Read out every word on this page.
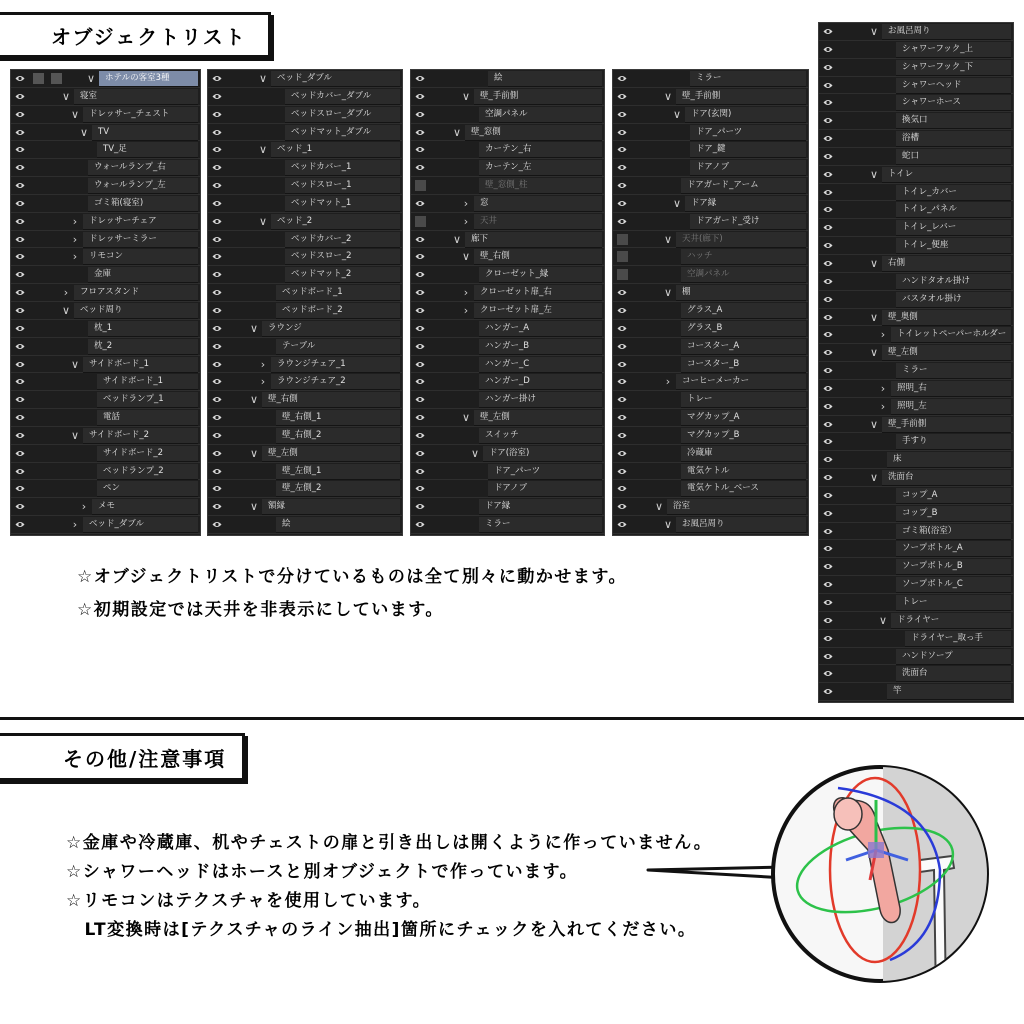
オブジェクトリスト
∨ ホテルの客室3種
∨ 寝室
∨ ドレッサー_チェスト
∨ TV
TV_足
ウォールランプ_右
ウォールランプ_左
ゴミ箱(寝室)
›	ドレッサーチェア
›	ドレッサーミラー
›	リモコン
金庫
›	フロアスタンド
∨ ベッド周り
枕_1
枕_2
∨ サイドボード_1
サイドボード_1
ベッドランプ_1
電話
∨ サイドボード_2
サイドボード_2
ベッドランプ_2
ペン
›	メモ
›	ベッド_ダブル
∨ ベッド_ダブル
ベッドカバー_ダブル
ベッドスロー_ダブル
ベッドマット_ダブル
∨ ベッド_1
ベッドカバー_1
ベッドスロー_1
ベッドマット_1
∨ ベッド_2
ベッドカバー_2
ベッドスロー_2
ベッドマット_2
ベッドボード_1
ベッドボード_2
∨ ラウンジ
テーブル
›	ラウンジチェア_1
›	ラウンジチェア_2
∨ 壁_右側
壁_右側_1
壁_右側_2
∨ 壁_左側
壁_左側_1
壁_左側_2
∨ 額縁
絵
絵
∨ 壁_手前側
空調パネル
∨ 壁_窓側
カーテン_右
カーテン_左
壁_窓側_柱
›	窓
›	天井
∨ 廊下
∨ 壁_右側
クローゼット_縁
›	クローゼット扉_右
›	クローゼット扉_左
ハンガー_A
ハンガー_B
ハンガー_C
ハンガー_D
ハンガー掛け
∨ 壁_左側
スイッチ
∨ ドア(浴室)
ドア_パーツ
ドアノブ
ドア縁
ミラー
ミラー
∨ 壁_手前側
∨ ドア(玄関)
ドア_パーツ
ドア_鍵
ドアノブ
ドアガード_アーム
∨ ドア縁
ドアガード_受け
∨ 天井(廊下)
ハッチ
空調パネル
∨ 棚
グラス_A
グラス_B
コースター_A
コースター_B
›	コーヒーメーカー
トレー
マグカップ_A
マグカップ_B
冷蔵庫
電気ケトル
電気ケトル_ベース
∨ 浴室
∨ お風呂周り
∨ お風呂周り
シャワーフック_上
シャワーフック_下
シャワーヘッド
シャワーホース
換気口
浴槽
蛇口
∨ トイレ
トイレ_カバー
トイレ_パネル
トイレ_レバー
トイレ_便座
∨ 右側
ハンドタオル掛け
バスタオル掛け
∨ 壁_奥側
›	トイレットペーパーホルダー
∨ 壁_左側
ミラー
›	照明_右
›	照明_左
∨ 壁_手前側
手すり
床
∨ 洗面台
コップ_A
コップ_B
ゴミ箱(浴室）
ソープボトル_A
ソープボトル_B
ソープボトル_C
トレー
∨ ドライヤー
ドライヤー_取っ手
ハンドソープ
洗面台
竿
☆オブジェクトリストで分けているものは全て別々に動かせます。
☆初期設定では天井を非表示にしています。
その他/注意事項
☆金庫や冷蔵庫、机やチェストの扉と引き出しは開くように作っていません。
☆シャワーヘッドはホースと別オブジェクトで作っています。
☆リモコンはテクスチャを使用しています。
　LT変換時は[テクスチャのライン抽出]箇所にチェックを入れてください。
